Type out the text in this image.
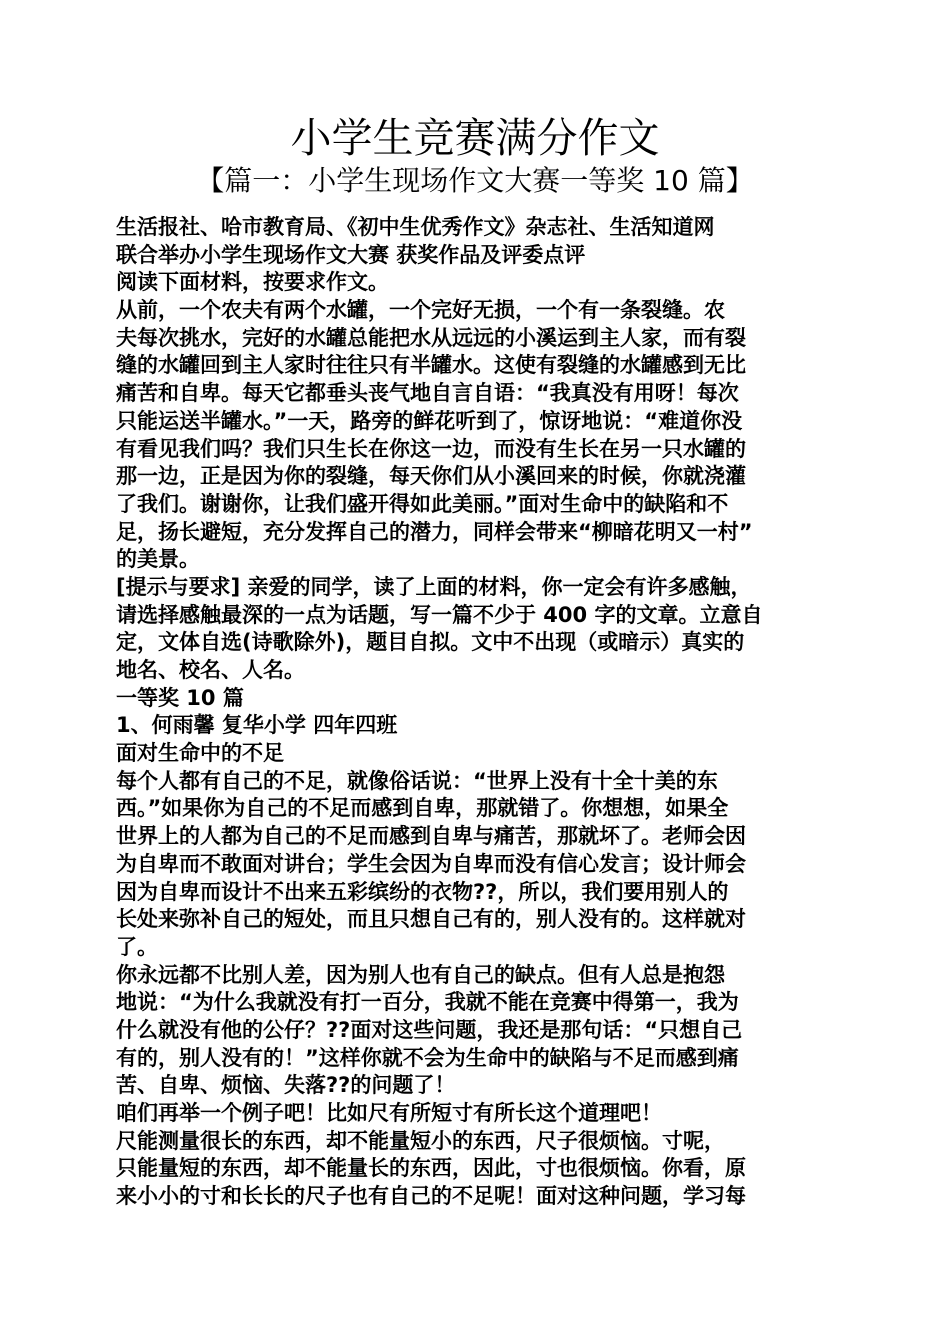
小学生竞赛满分作文
【篇一：小学生现场作文大赛一等奖 10 篇】
生活报社、哈市教育局、《初中生优秀作文》杂志社、生活知道网
联合举办小学生现场作文大赛 获奖作品及评委点评
阅读下面材料，按要求作文。
从前，一个农夫有两个水罐，一个完好无损，一个有一条裂缝。农
夫每次挑水，完好的水罐总能把水从远远的小溪运到主人家，而有裂
缝的水罐回到主人家时往往只有半罐水。这使有裂缝的水罐感到无比
痛苦和自卑。每天它都垂头丧气地自言自语：“我真没有用呀！每次
只能运送半罐水。”一天，路旁的鲜花听到了，惊讶地说：“难道你没
有看见我们吗？我们只生长在你这一边，而没有生长在另一只水罐的
那一边，正是因为你的裂缝，每天你们从小溪回来的时候，你就浇灌
了我们。谢谢你，让我们盛开得如此美丽。”面对生命中的缺陷和不
足，扬长避短，充分发挥自己的潜力，同样会带来“柳暗花明又一村”
的美景。
[提示与要求] 亲爱的同学，读了上面的材料，你一定会有许多感触，
请选择感触最深的一点为话题，写一篇不少于 400 字的文章。立意自
定，文体自选(诗歌除外)，题目自拟。文中不出现（或暗示）真实的
地名、校名、人名。
一等奖 10 篇
1、何雨馨 复华小学 四年四班
面对生命中的不足
每个人都有自己的不足，就像俗话说：“世界上没有十全十美的东
西。”如果你为自己的不足而感到自卑，那就错了。你想想，如果全
世界上的人都为自己的不足而感到自卑与痛苦，那就坏了。老师会因
为自卑而不敢面对讲台；学生会因为自卑而没有信心发言；设计师会
因为自卑而设计不出来五彩缤纷的衣物??，所以，我们要用别人的
长处来弥补自己的短处，而且只想自己有的，别人没有的。这样就对
了。
你永远都不比别人差，因为别人也有自己的缺点。但有人总是抱怨
地说：“为什么我就没有打一百分，我就不能在竞赛中得第一，我为
什么就没有他的公仔？??面对这些问题，我还是那句话：“只想自己
有的，别人没有的！”这样你就不会为生命中的缺陷与不足而感到痛
苦、自卑、烦恼、失落??的问题了！
咱们再举一个例子吧！比如尺有所短寸有所长这个道理吧！
尺能测量很长的东西，却不能量短小的东西，尺子很烦恼。寸呢，
只能量短的东西，却不能量长的东西，因此，寸也很烦恼。你看，原
来小小的寸和长长的尺子也有自己的不足呢！面对这种问题，学习每
